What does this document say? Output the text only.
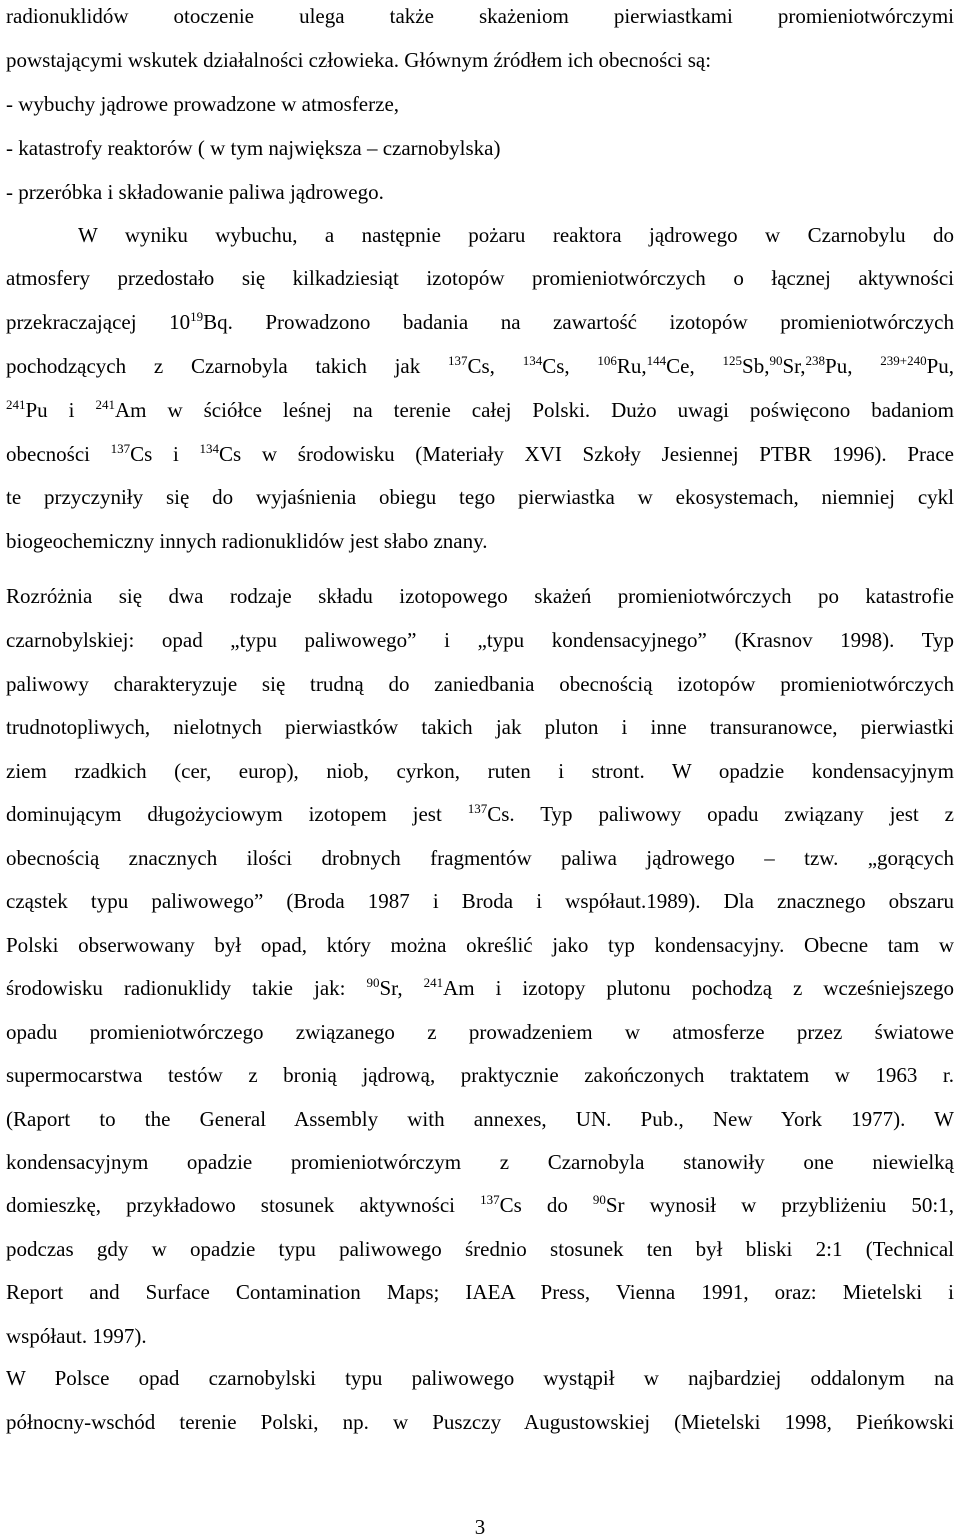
radionuklidów otoczenie ulega także skażeniom pierwiastkami promieniotwórczymi
powstającymi wskutek działalności człowieka. Głównym źródłem ich obecności są:
- wybuchy jądrowe prowadzone w atmosferze,
- katastrofy reaktorów ( w tym największa – czarnobylska)
- przeróbka i składowanie paliwa jądrowego.
W wyniku wybuchu, a następnie pożaru reaktora jądrowego w Czarnobylu do
atmosfery przedostało się kilkadziesiąt izotopów promieniotwórczych o łącznej aktywności
przekraczającej $10^{19}Bq$. Prowadzono badania na zawartość izotopów promieniotwórczych
pochodzących z Czarnobyla takich jak $^{137}$Cs, $^{134}$Cs, $^{106}$Ru,$^{144}$Ce, $^{125}$Sb,$^{90}$Sr,$^{238}$Pu, $^{239+240}$Pu,
$^{241}$Pu i $^{241}$Am w ściółce leśnej na terenie całej Polski. Dużo uwagi poświęcono badaniom
obecności $^{137}$Cs i $^{134}$Cs w środowisku (Materiały XVI Szkoły Jesiennej PTBR 1996). Prace
te przyczyniły się do wyjaśnienia obiegu tego pierwiastka w ekosystemach, niemniej cykl
biogeochemiczny innych radionuklidów jest słabo znany.
Rozróżnia się dwa rodzaje składu izotopowego skażeń promieniotwórczych po katastrofie
czarnobylskiej: opad „typu paliwowego” i „typu kondensacyjnego” (Krasnov 1998). Typ
paliwowy charakteryzuje się trudną do zaniedbania obecnością izotopów promieniotwórczych
trudnotopliwych, nielotnych pierwiastków takich jak pluton i inne transuranowce, pierwiastki
ziem rzadkich (cer, europ), niob, cyrkon, ruten i stront. W opadzie kondensacyjnym
dominującym długożyciowym izotopem jest $^{137}$Cs. Typ paliwowy opadu związany jest z
obecnością znacznych ilości drobnych fragmentów paliwa jądrowego – tzw. „gorących
cząstek typu paliwowego” (Broda 1987 i Broda i współaut.1989). Dla znacznego obszaru
Polski obserwowany był opad, który można określić jako typ kondensacyjny. Obecne tam w
środowisku radionuklidy takie jak: $^{90}$Sr, $^{241}$Am i izotopy plutonu pochodzą z wcześniejszego
opadu promieniotwórczego związanego z prowadzeniem w atmosferze przez światowe
supermocarstwa testów z bronią jądrową, praktycznie zakończonych traktatem w 1963 r.
(Raport to the General Assembly with annexes, UN. Pub., New York 1977). W
kondensacyjnym opadzie promieniotwórczym z Czarnobyla stanowiły one niewielką
domieszkę, przykładowo stosunek aktywności $^{137}$Cs do $^{90}$Sr wynosił w przybliżeniu 50:1,
podczas gdy w opadzie typu paliwowego średnio stosunek ten był bliski 2:1 (Technical
Report and Surface Contamination Maps; IAEA Press, Vienna 1991, oraz: Mietelski i
współaut. 1997).
W Polsce opad czarnobylski typu paliwowego wystąpił w najbardziej oddalonym na
północny-wschód terenie Polski, np. w Puszczy Augustowskiej (Mietelski 1998, Pieńkowski
3
